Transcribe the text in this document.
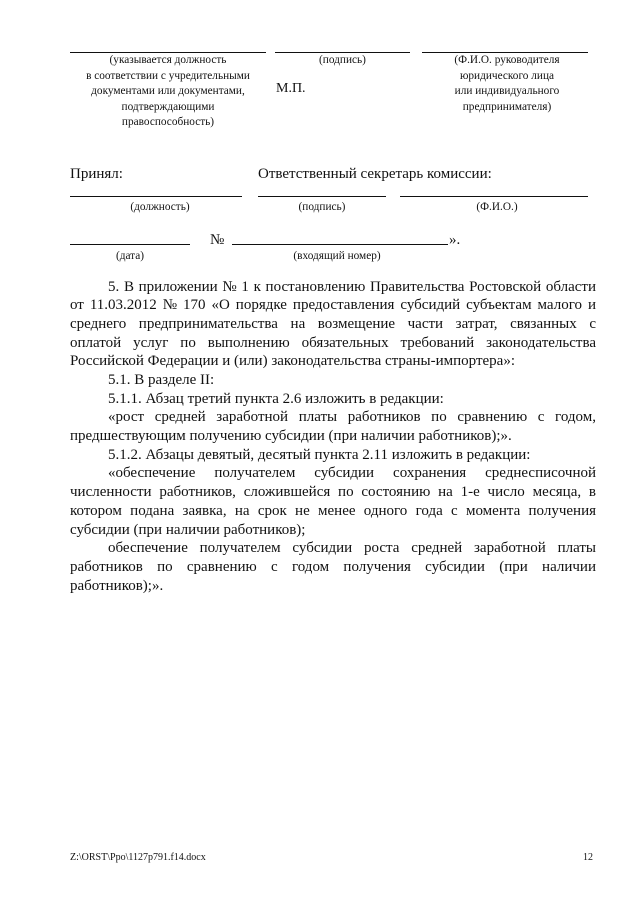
(указывается должность
в соответствии с учредительными
документами или документами,
подтверждающими
правоспособность)
(подпись)
М.П.
(Ф.И.О. руководителя
юридического лица
или индивидуального
предпринимателя)
Принял:	Ответственный секретарь комиссии:
(должность)	(подпись)	(Ф.И.О.)
№	».
(дата)	(входящий номер)
5. В приложении № 1 к постановлению Правительства Ростовской области
от 11.03.2012 № 170 «О порядке предоставления субсидий субъектам малого и
среднего предпринимательства на возмещение части затрат, связанных с
оплатой услуг по выполнению обязательных требований законодательства
Российской Федерации и (или) законодательства страны-импортера»:
5.1. В разделе II:
5.1.1. Абзац третий пункта 2.6 изложить в редакции:
«рост средней заработной платы работников по сравнению с годом,
предшествующим получению субсидии (при наличии работников);».
5.1.2. Абзацы девятый, десятый пункта 2.11 изложить в редакции:
«обеспечение получателем субсидии сохранения среднесписочной
численности работников, сложившейся по состоянию на 1-е число месяца, в
котором подана заявка, на срок не менее одного года с момента получения
субсидии (при наличии работников);
обеспечение получателем субсидии роста средней заработной платы
работников по сравнению с годом получения субсидии (при наличии
работников);».
Z:\ORST\Ppo\1127p791.f14.docx	12
